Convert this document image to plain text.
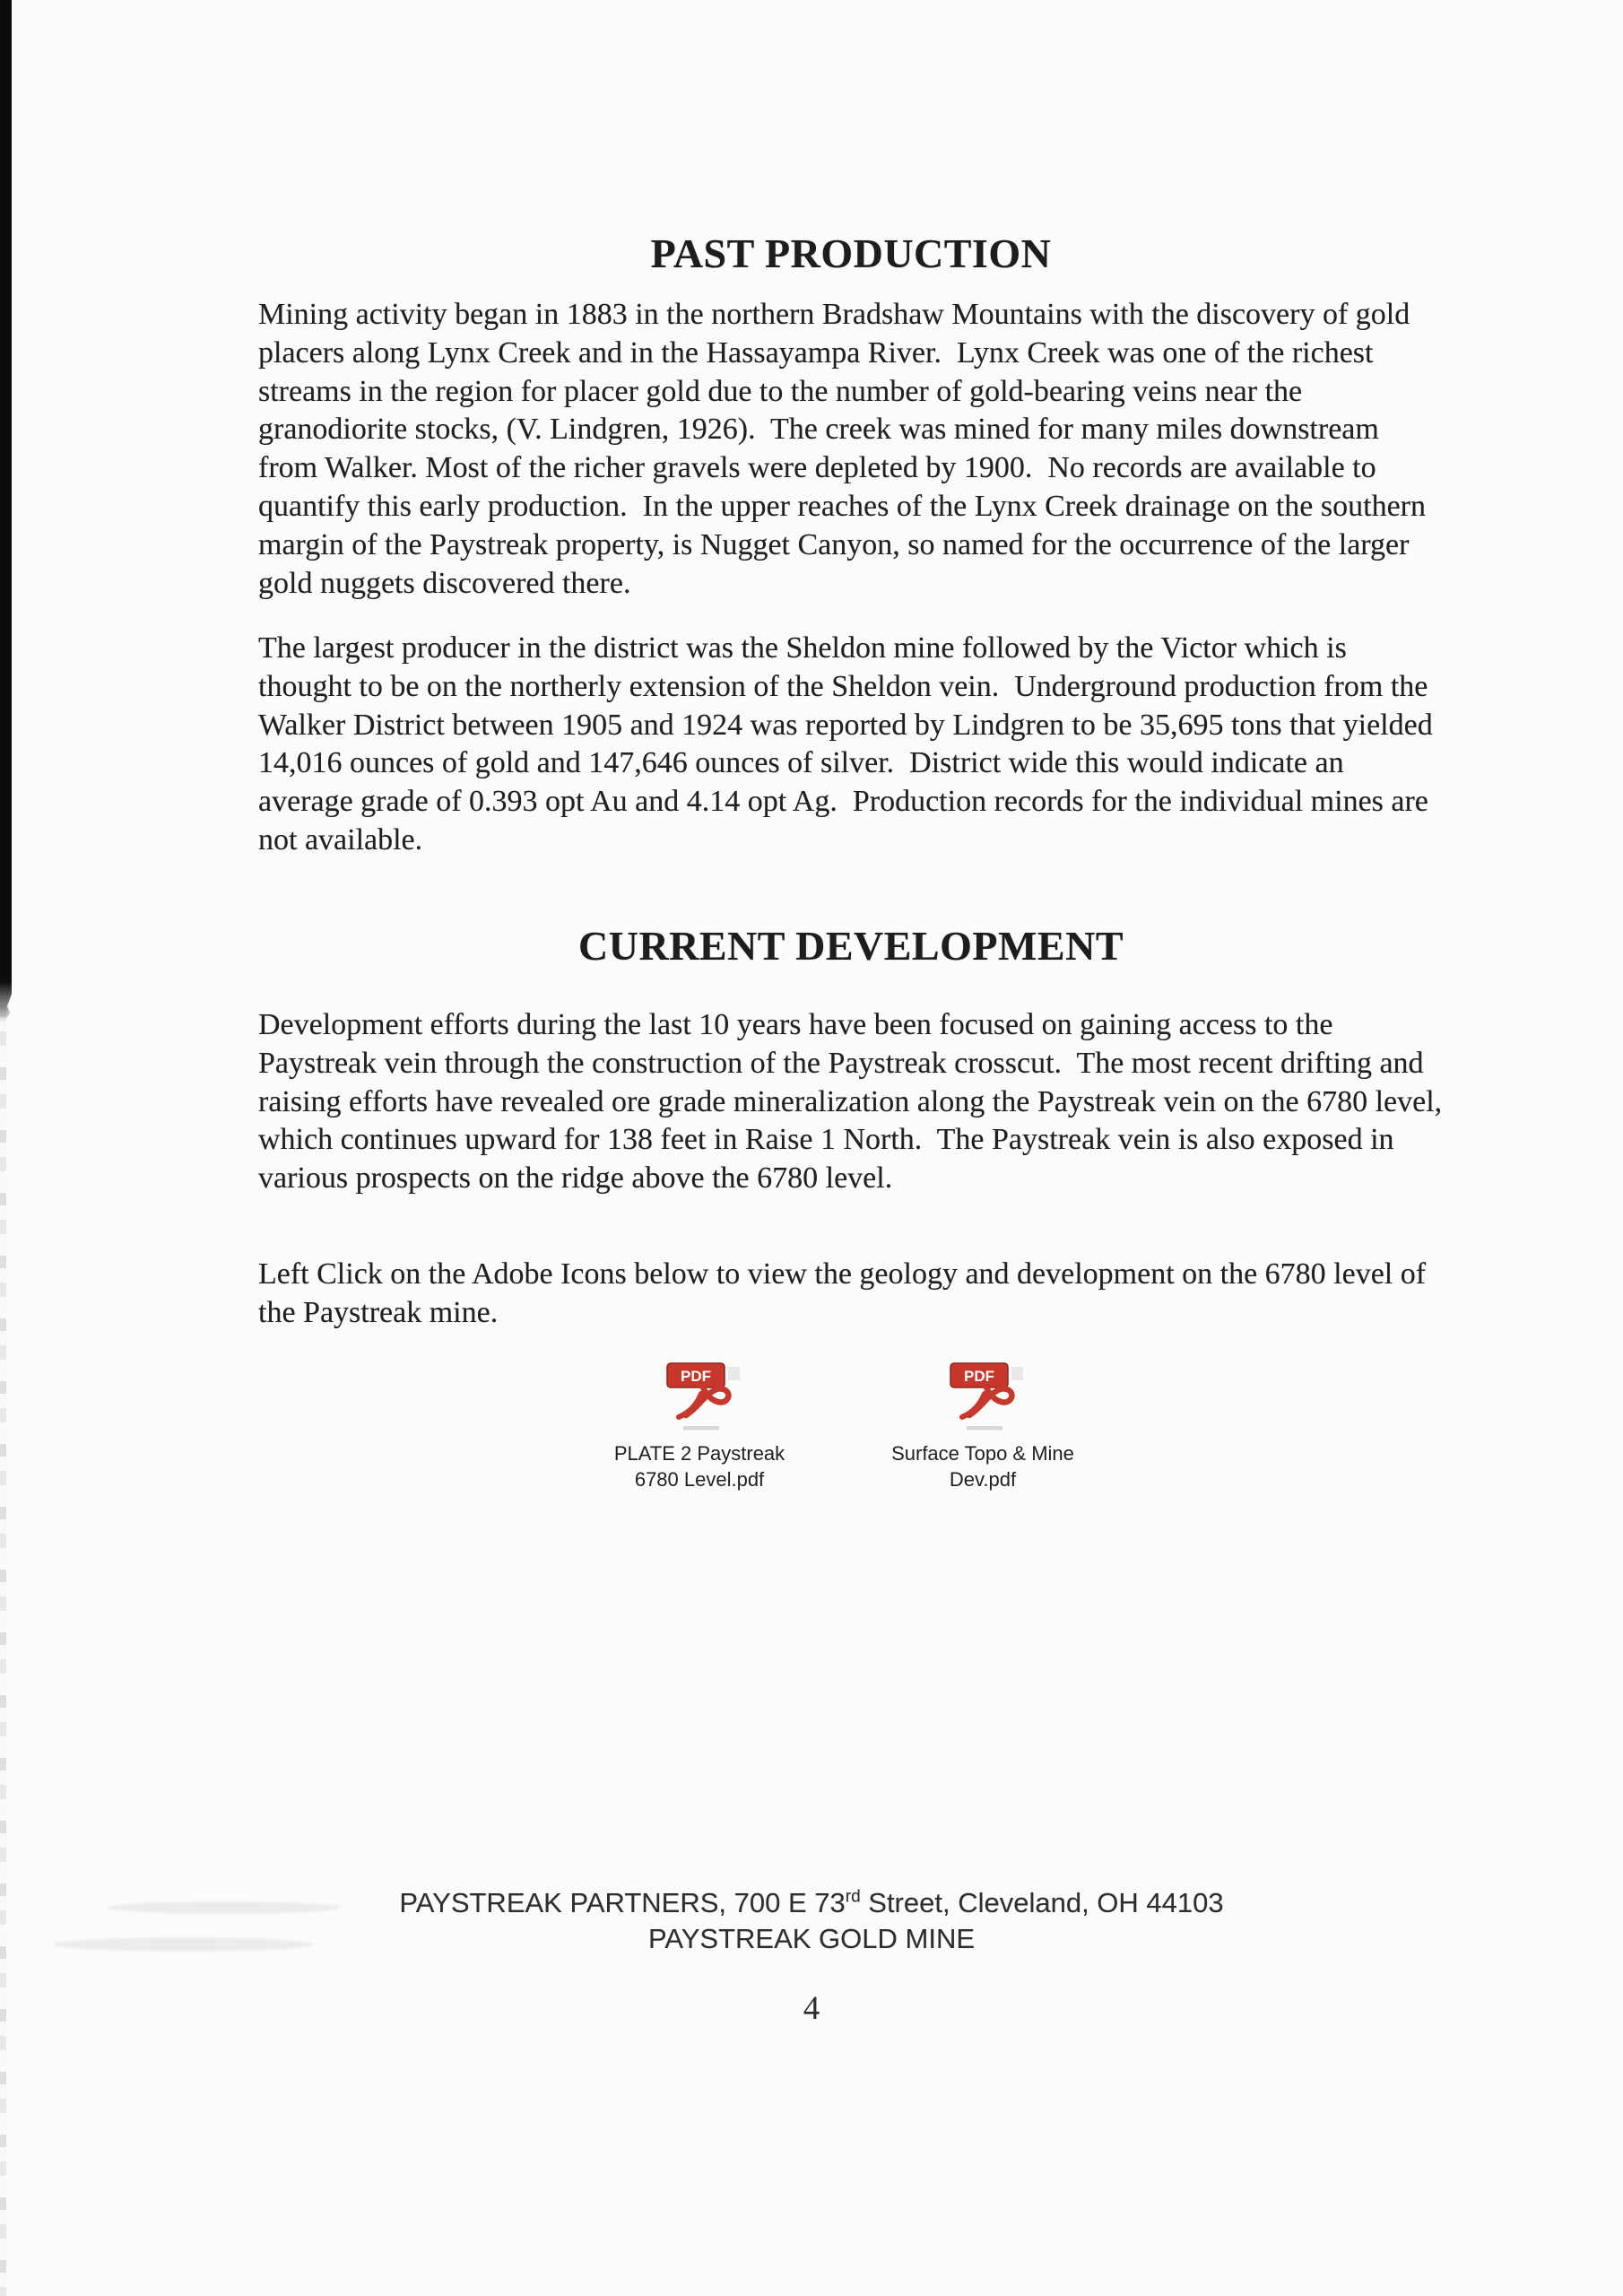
PAST PRODUCTION
Mining activity began in 1883 in the northern Bradshaw Mountains with the discovery of gold placers along Lynx Creek and in the Hassayampa River.  Lynx Creek was one of the richest streams in the region for placer gold due to the number of gold-bearing veins near the granodiorite stocks, (V. Lindgren, 1926).  The creek was mined for many miles downstream from Walker. Most of the richer gravels were depleted by 1900.  No records are available to quantify this early production.  In the upper reaches of the Lynx Creek drainage on the southern margin of the Paystreak property, is Nugget Canyon, so named for the occurrence of the larger gold nuggets discovered there.
The largest producer in the district was the Sheldon mine followed by the Victor which is thought to be on the northerly extension of the Sheldon vein.  Underground production from the Walker District between 1905 and 1924 was reported by Lindgren to be 35,695 tons that yielded 14,016 ounces of gold and 147,646 ounces of silver.  District wide this would indicate an average grade of 0.393 opt Au and 4.14 opt Ag.  Production records for the individual mines are not available.
CURRENT DEVELOPMENT
Development efforts during the last 10 years have been focused on gaining access to the Paystreak vein through the construction of the Paystreak crosscut.  The most recent drifting and raising efforts have revealed ore grade mineralization along the Paystreak vein on the 6780 level, which continues upward for 138 feet in Raise 1 North.  The Paystreak vein is also exposed in various prospects on the ridge above the 6780 level.
Left Click on the Adobe Icons below to view the geology and development on the 6780 level of the Paystreak mine.
PDF
PLATE 2 Paystreak
6780 Level.pdf
PDF
Surface Topo & Mine
Dev.pdf
PAYSTREAK PARTNERS, 700 E 73rd Street, Cleveland, OH 44103
PAYSTREAK GOLD MINE
4
